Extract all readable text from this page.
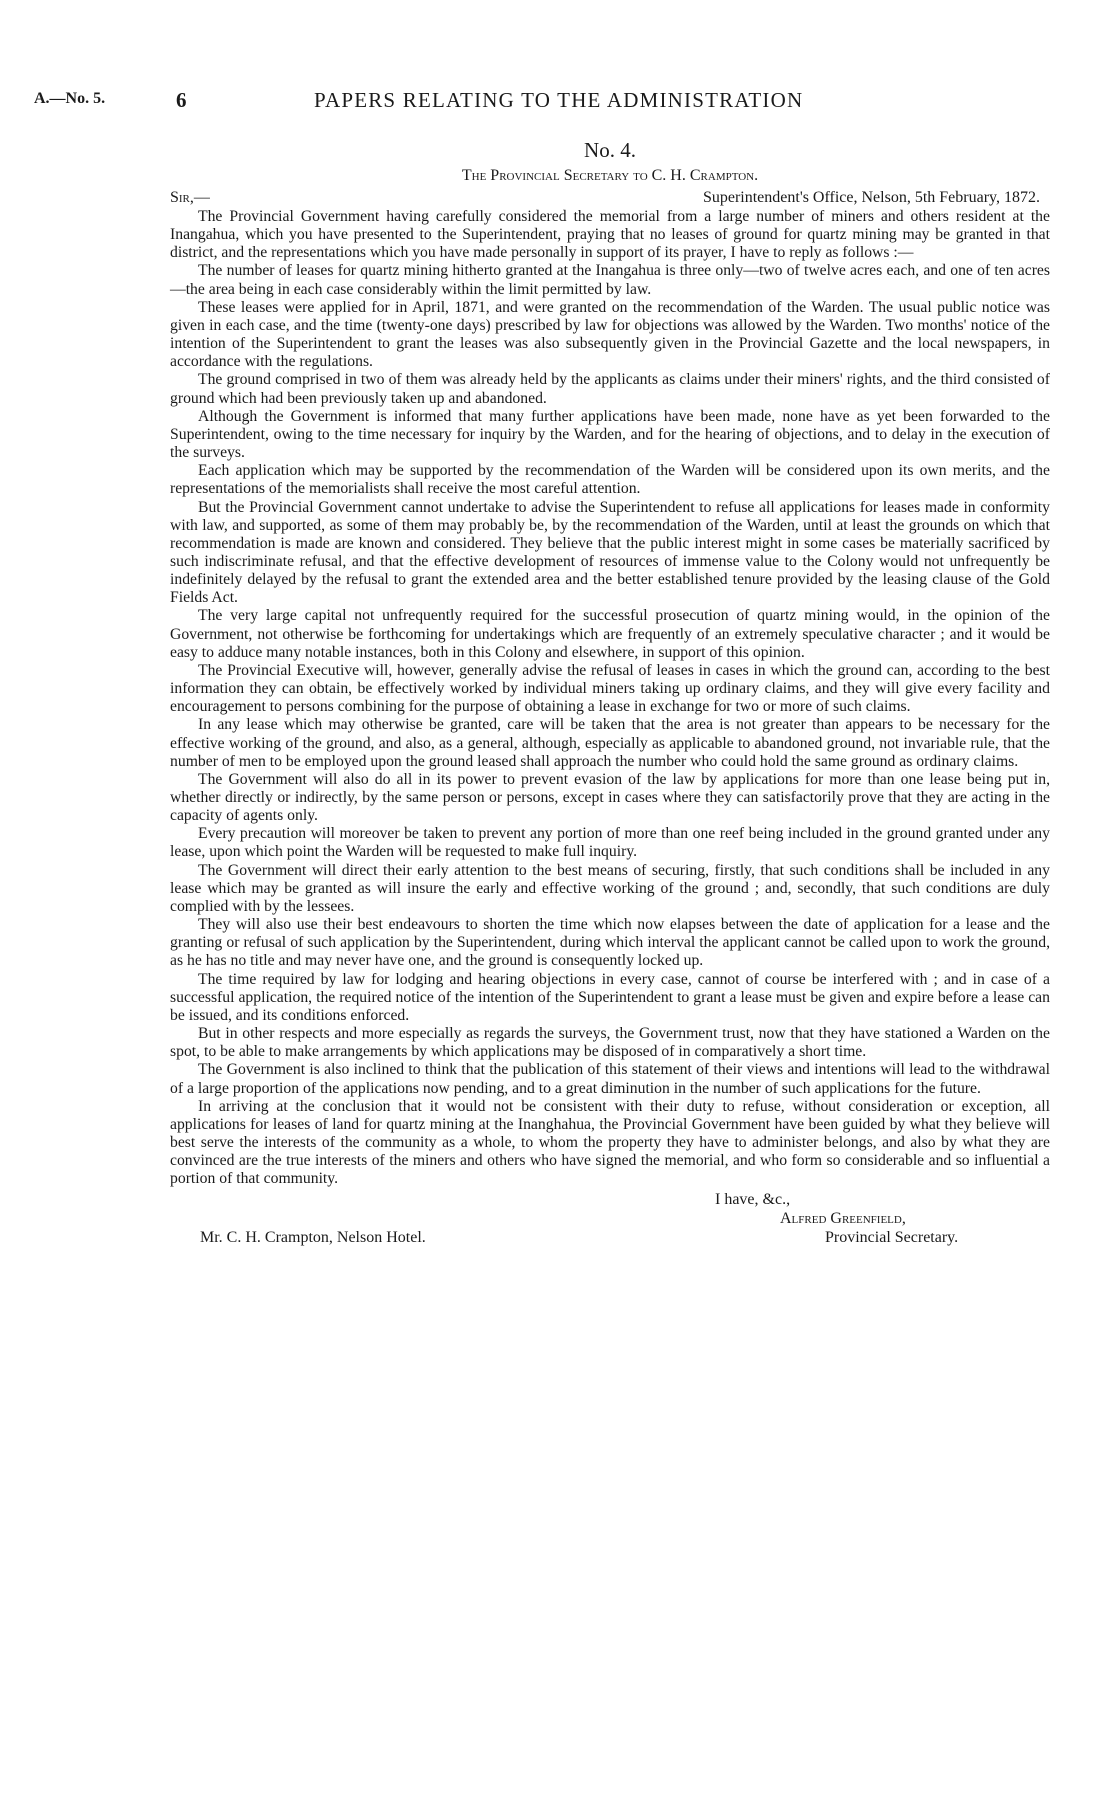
A.—No. 5.	6	PAPERS RELATING TO THE ADMINISTRATION
No. 4.
The Provincial Secretary to C. H. Crampton.
Sir,—	Superintendent's Office, Nelson, 5th February, 1872.

The Provincial Government having carefully considered the memorial from a large number of miners and others resident at the Inangahua, which you have presented to the Superintendent, praying that no leases of ground for quartz mining may be granted in that district, and the representations which you have made personally in support of its prayer, I have to reply as follows :—

The number of leases for quartz mining hitherto granted at the Inangahua is three only—two of twelve acres each, and one of ten acres—the area being in each case considerably within the limit permitted by law.

These leases were applied for in April, 1871, and were granted on the recommendation of the Warden. The usual public notice was given in each case, and the time (twenty-one days) prescribed by law for objections was allowed by the Warden. Two months' notice of the intention of the Superintendent to grant the leases was also subsequently given in the Provincial Gazette and the local newspapers, in accordance with the regulations.

The ground comprised in two of them was already held by the applicants as claims under their miners' rights, and the third consisted of ground which had been previously taken up and abandoned.

Although the Government is informed that many further applications have been made, none have as yet been forwarded to the Superintendent, owing to the time necessary for inquiry by the Warden, and for the hearing of objections, and to delay in the execution of the surveys.

Each application which may be supported by the recommendation of the Warden will be considered upon its own merits, and the representations of the memorialists shall receive the most careful attention.

But the Provincial Government cannot undertake to advise the Superintendent to refuse all applications for leases made in conformity with law, and supported, as some of them may probably be, by the recommendation of the Warden, until at least the grounds on which that recommendation is made are known and considered. They believe that the public interest might in some cases be materially sacrificed by such indiscriminate refusal, and that the effective development of resources of immense value to the Colony would not unfrequently be indefinitely delayed by the refusal to grant the extended area and the better established tenure provided by the leasing clause of the Gold Fields Act.

The very large capital not unfrequently required for the successful prosecution of quartz mining would, in the opinion of the Government, not otherwise be forthcoming for undertakings which are frequently of an extremely speculative character ; and it would be easy to adduce many notable instances, both in this Colony and elsewhere, in support of this opinion.

The Provincial Executive will, however, generally advise the refusal of leases in cases in which the ground can, according to the best information they can obtain, be effectively worked by individual miners taking up ordinary claims, and they will give every facility and encouragement to persons combining for the purpose of obtaining a lease in exchange for two or more of such claims.

In any lease which may otherwise be granted, care will be taken that the area is not greater than appears to be necessary for the effective working of the ground, and also, as a general, although, especially as applicable to abandoned ground, not invariable rule, that the number of men to be employed upon the ground leased shall approach the number who could hold the same ground as ordinary claims.

The Government will also do all in its power to prevent evasion of the law by applications for more than one lease being put in, whether directly or indirectly, by the same person or persons, except in cases where they can satisfactorily prove that they are acting in the capacity of agents only.

Every precaution will moreover be taken to prevent any portion of more than one reef being included in the ground granted under any lease, upon which point the Warden will be requested to make full inquiry.

The Government will direct their early attention to the best means of securing, firstly, that such conditions shall be included in any lease which may be granted as will insure the early and effective working of the ground ; and, secondly, that such conditions are duly complied with by the lessees.

They will also use their best endeavours to shorten the time which now elapses between the date of application for a lease and the granting or refusal of such application by the Superintendent, during which interval the applicant cannot be called upon to work the ground, as he has no title and may never have one, and the ground is consequently locked up.

The time required by law for lodging and hearing objections in every case, cannot of course be interfered with ; and in case of a successful application, the required notice of the intention of the Superintendent to grant a lease must be given and expire before a lease can be issued, and its conditions enforced.

But in other respects and more especially as regards the surveys, the Government trust, now that they have stationed a Warden on the spot, to be able to make arrangements by which applications may be disposed of in comparatively a short time.

The Government is also inclined to think that the publication of this statement of their views and intentions will lead to the withdrawal of a large proportion of the applications now pending, and to a great diminution in the number of such applications for the future.

In arriving at the conclusion that it would not be consistent with their duty to refuse, without consideration or exception, all applications for leases of land for quartz mining at the Inanghahua, the Provincial Government have been guided by what they believe will best serve the interests of the community as a whole, to whom the property they have to administer belongs, and also by what they are convinced are the true interests of the miners and others who have signed the memorial, and who form so considerable and so influential a portion of that community.

I have, &c.,
Alfred Greenfield,
Mr. C. H. Crampton, Nelson Hotel.	Provincial Secretary.
